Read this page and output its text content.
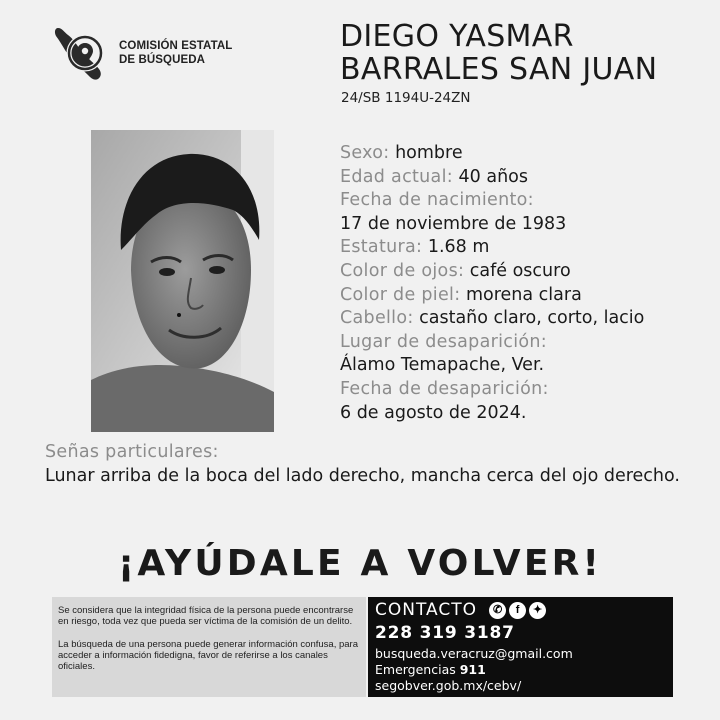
COMISIÓN ESTATAL
DE BÚSQUEDA
DIEGO YASMAR
BARRALES SAN JUAN
24/SB 1194U-24ZN
Sexo: hombre
Edad actual: 40 años
Fecha de nacimiento:
17 de noviembre de 1983
Estatura: 1.68 m
Color de ojos: café oscuro
Color de piel: morena clara
Cabello: castaño claro, corto, lacio
Lugar de desaparición:
Álamo Temapache, Ver.
Fecha de desaparición:
6 de agosto de 2024.
Señas particulares:
Lunar arriba de la boca del lado derecho, mancha cerca del ojo derecho.
¡AYÚDALE A VOLVER!

Se considera que la integridad física de la persona puede encontrarse en riesgo, toda vez que pueda ser víctima de la comisión de un delito.

La búsqueda de una persona puede generar información confusa, para acceder a información fidedigna, favor de referirse a los canales oficiales.

CONTACTO ✆ f ✦
228 319 3187
busqueda.veracruz@gmail.com
Emergencias 911
segobver.gob.mx/cebv/
